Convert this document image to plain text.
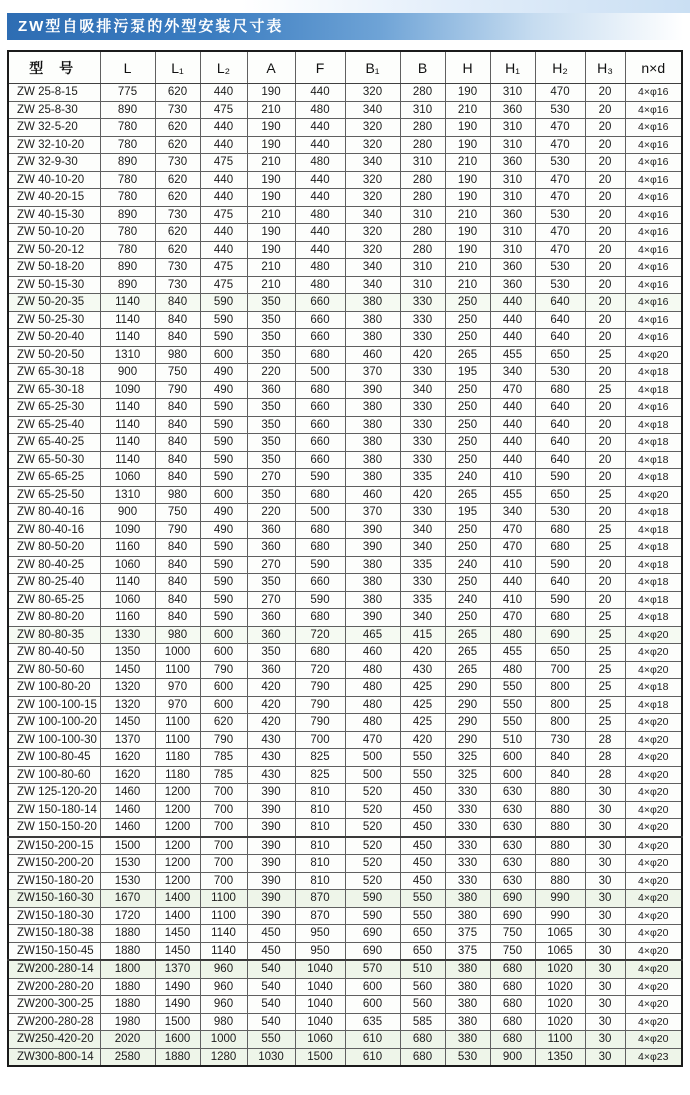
ZW型自吸排污泵的外型安装尺寸表
型 号	L	L₁	L₂	A	F	B₁	B	H	H₁	H₂	H₃	n×d
ZW 25-8-15	775	620	440	190	440	320	280	190	310	470	20	4×φ16
ZW 25-8-30	890	730	475	210	480	340	310	210	360	530	20	4×φ16
ZW 32-5-20	780	620	440	190	440	320	280	190	310	470	20	4×φ16
ZW 32-10-20	780	620	440	190	440	320	280	190	310	470	20	4×φ16
ZW 32-9-30	890	730	475	210	480	340	310	210	360	530	20	4×φ16
ZW 40-10-20	780	620	440	190	440	320	280	190	310	470	20	4×φ16
ZW 40-20-15	780	620	440	190	440	320	280	190	310	470	20	4×φ16
ZW 40-15-30	890	730	475	210	480	340	310	210	360	530	20	4×φ16
ZW 50-10-20	780	620	440	190	440	320	280	190	310	470	20	4×φ16
ZW 50-20-12	780	620	440	190	440	320	280	190	310	470	20	4×φ16
ZW 50-18-20	890	730	475	210	480	340	310	210	360	530	20	4×φ16
ZW 50-15-30	890	730	475	210	480	340	310	210	360	530	20	4×φ16
ZW 50-20-35	1140	840	590	350	660	380	330	250	440	640	20	4×φ16
ZW 50-25-30	1140	840	590	350	660	380	330	250	440	640	20	4×φ16
ZW 50-20-40	1140	840	590	350	660	380	330	250	440	640	20	4×φ16
ZW 50-20-50	1310	980	600	350	680	460	420	265	455	650	25	4×φ20
ZW 65-30-18	900	750	490	220	500	370	330	195	340	530	20	4×φ18
ZW 65-30-18	1090	790	490	360	680	390	340	250	470	680	25	4×φ18
ZW 65-25-30	1140	840	590	350	660	380	330	250	440	640	20	4×φ16
ZW 65-25-40	1140	840	590	350	660	380	330	250	440	640	20	4×φ18
ZW 65-40-25	1140	840	590	350	660	380	330	250	440	640	20	4×φ18
ZW 65-50-30	1140	840	590	350	660	380	330	250	440	640	20	4×φ18
ZW 65-65-25	1060	840	590	270	590	380	335	240	410	590	20	4×φ18
ZW 65-25-50	1310	980	600	350	680	460	420	265	455	650	25	4×φ20
ZW 80-40-16	900	750	490	220	500	370	330	195	340	530	20	4×φ18
ZW 80-40-16	1090	790	490	360	680	390	340	250	470	680	25	4×φ18
ZW 80-50-20	1160	840	590	360	680	390	340	250	470	680	25	4×φ18
ZW 80-40-25	1060	840	590	270	590	380	335	240	410	590	20	4×φ18
ZW 80-25-40	1140	840	590	350	660	380	330	250	440	640	20	4×φ18
ZW 80-65-25	1060	840	590	270	590	380	335	240	410	590	20	4×φ18
ZW 80-80-20	1160	840	590	360	680	390	340	250	470	680	25	4×φ18
ZW 80-80-35	1330	980	600	360	720	465	415	265	480	690	25	4×φ20
ZW 80-40-50	1350	1000	600	350	680	460	420	265	455	650	25	4×φ20
ZW 80-50-60	1450	1100	790	360	720	480	430	265	480	700	25	4×φ20
ZW 100-80-20	1320	970	600	420	790	480	425	290	550	800	25	4×φ18
ZW 100-100-15	1320	970	600	420	790	480	425	290	550	800	25	4×φ18
ZW 100-100-20	1450	1100	620	420	790	480	425	290	550	800	25	4×φ20
ZW 100-100-30	1370	1100	790	430	700	470	420	290	510	730	28	4×φ20
ZW 100-80-45	1620	1180	785	430	825	500	550	325	600	840	28	4×φ20
ZW 100-80-60	1620	1180	785	430	825	500	550	325	600	840	28	4×φ20
ZW 125-120-20	1460	1200	700	390	810	520	450	330	630	880	30	4×φ20
ZW 150-180-14	1460	1200	700	390	810	520	450	330	630	880	30	4×φ20
ZW 150-150-20	1460	1200	700	390	810	520	450	330	630	880	30	4×φ20
ZW150-200-15	1500	1200	700	390	810	520	450	330	630	880	30	4×φ20
ZW150-200-20	1530	1200	700	390	810	520	450	330	630	880	30	4×φ20
ZW150-180-20	1530	1200	700	390	810	520	450	330	630	880	30	4×φ20
ZW150-160-30	1670	1400	1100	390	870	590	550	380	690	990	30	4×φ20
ZW150-180-30	1720	1400	1100	390	870	590	550	380	690	990	30	4×φ20
ZW150-180-38	1880	1450	1140	450	950	690	650	375	750	1065	30	4×φ20
ZW150-150-45	1880	1450	1140	450	950	690	650	375	750	1065	30	4×φ20
ZW200-280-14	1800	1370	960	540	1040	570	510	380	680	1020	30	4×φ20
ZW200-280-20	1880	1490	960	540	1040	600	560	380	680	1020	30	4×φ20
ZW200-300-25	1880	1490	960	540	1040	600	560	380	680	1020	30	4×φ20
ZW200-280-28	1980	1500	980	540	1040	635	585	380	680	1020	30	4×φ20
ZW250-420-20	2020	1600	1000	550	1060	610	680	380	680	1100	30	4×φ20
ZW300-800-14	2580	1880	1280	1030	1500	610	680	530	900	1350	30	4×φ23
